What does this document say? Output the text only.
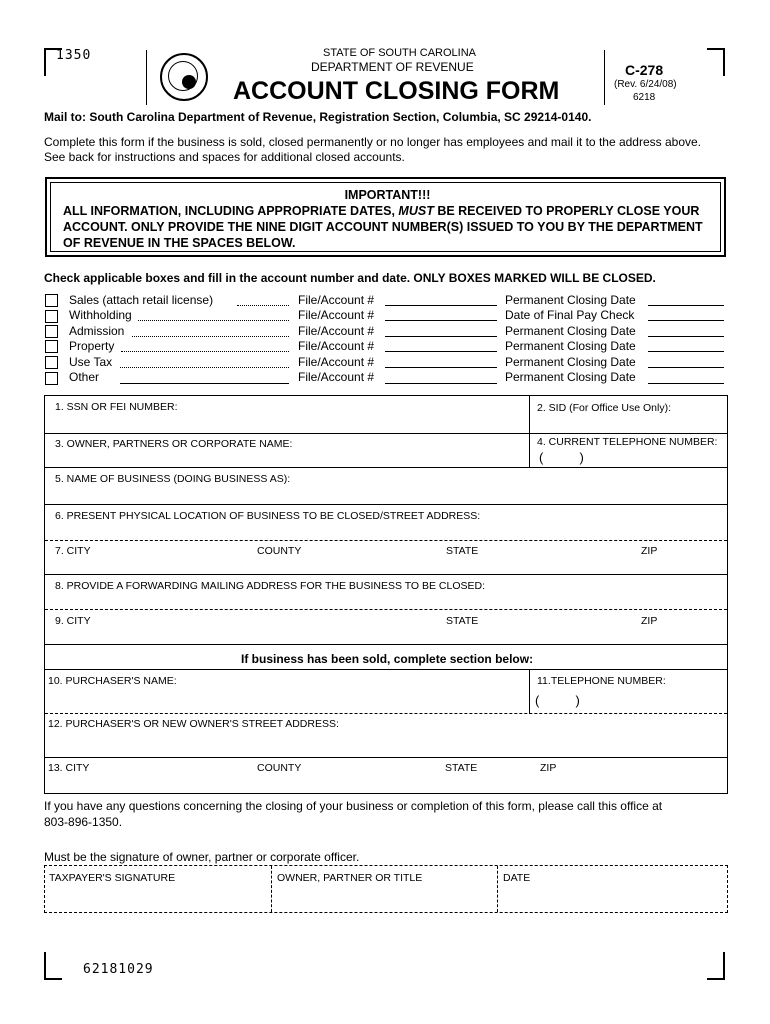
1350	STATE OF SOUTH CAROLINA
DEPARTMENT OF REVENUE
ACCOUNT CLOSING FORM
C-278
(Rev. 6/24/08)
6218
Mail to: South Carolina Department of Revenue, Registration Section, Columbia, SC 29214-0140.
Complete this form if the business is sold, closed permanently or no longer has employees and mail it to the address above.
See back for instructions and spaces for additional closed accounts.
IMPORTANT!!!
ALL INFORMATION, INCLUDING APPROPRIATE DATES, MUST BE RECEIVED TO PROPERLY CLOSE YOUR
ACCOUNT. ONLY PROVIDE THE NINE DIGIT ACCOUNT NUMBER(S) ISSUED TO YOU BY THE DEPARTMENT
OF REVENUE IN THE SPACES BELOW.
Check applicable boxes and fill in the account number and date. ONLY BOXES MARKED WILL BE CLOSED.
Sales (attach retail license)	File/Account #	Permanent Closing Date
Withholding	File/Account #	Date of Final Pay Check
Admission	File/Account #	Permanent Closing Date
Property	File/Account #	Permanent Closing Date
Use Tax	File/Account #	Permanent Closing Date
Other	File/Account #	Permanent Closing Date
1. SSN OR FEI NUMBER:	2. SID (For Office Use Only):
3. OWNER, PARTNERS OR CORPORATE NAME:	4. CURRENT TELEPHONE NUMBER:
(          )
5. NAME OF BUSINESS (DOING BUSINESS AS):
6. PRESENT PHYSICAL LOCATION OF BUSINESS TO BE CLOSED/STREET ADDRESS:
7. CITY	COUNTY	STATE	ZIP
8. PROVIDE A FORWARDING MAILING ADDRESS FOR THE BUSINESS TO BE CLOSED:
9. CITY	STATE	ZIP
If business has been sold, complete section below:
10. PURCHASER'S NAME:	11.TELEPHONE NUMBER:
(          )
12. PURCHASER'S OR NEW OWNER'S STREET ADDRESS:
13. CITY	COUNTY	STATE	ZIP
If you have any questions concerning the closing of your business or completion of this form, please call this office at
803-896-1350.
Must be the signature of owner, partner or corporate officer.
TAXPAYER'S SIGNATURE	OWNER, PARTNER OR TITLE	DATE
62181029
